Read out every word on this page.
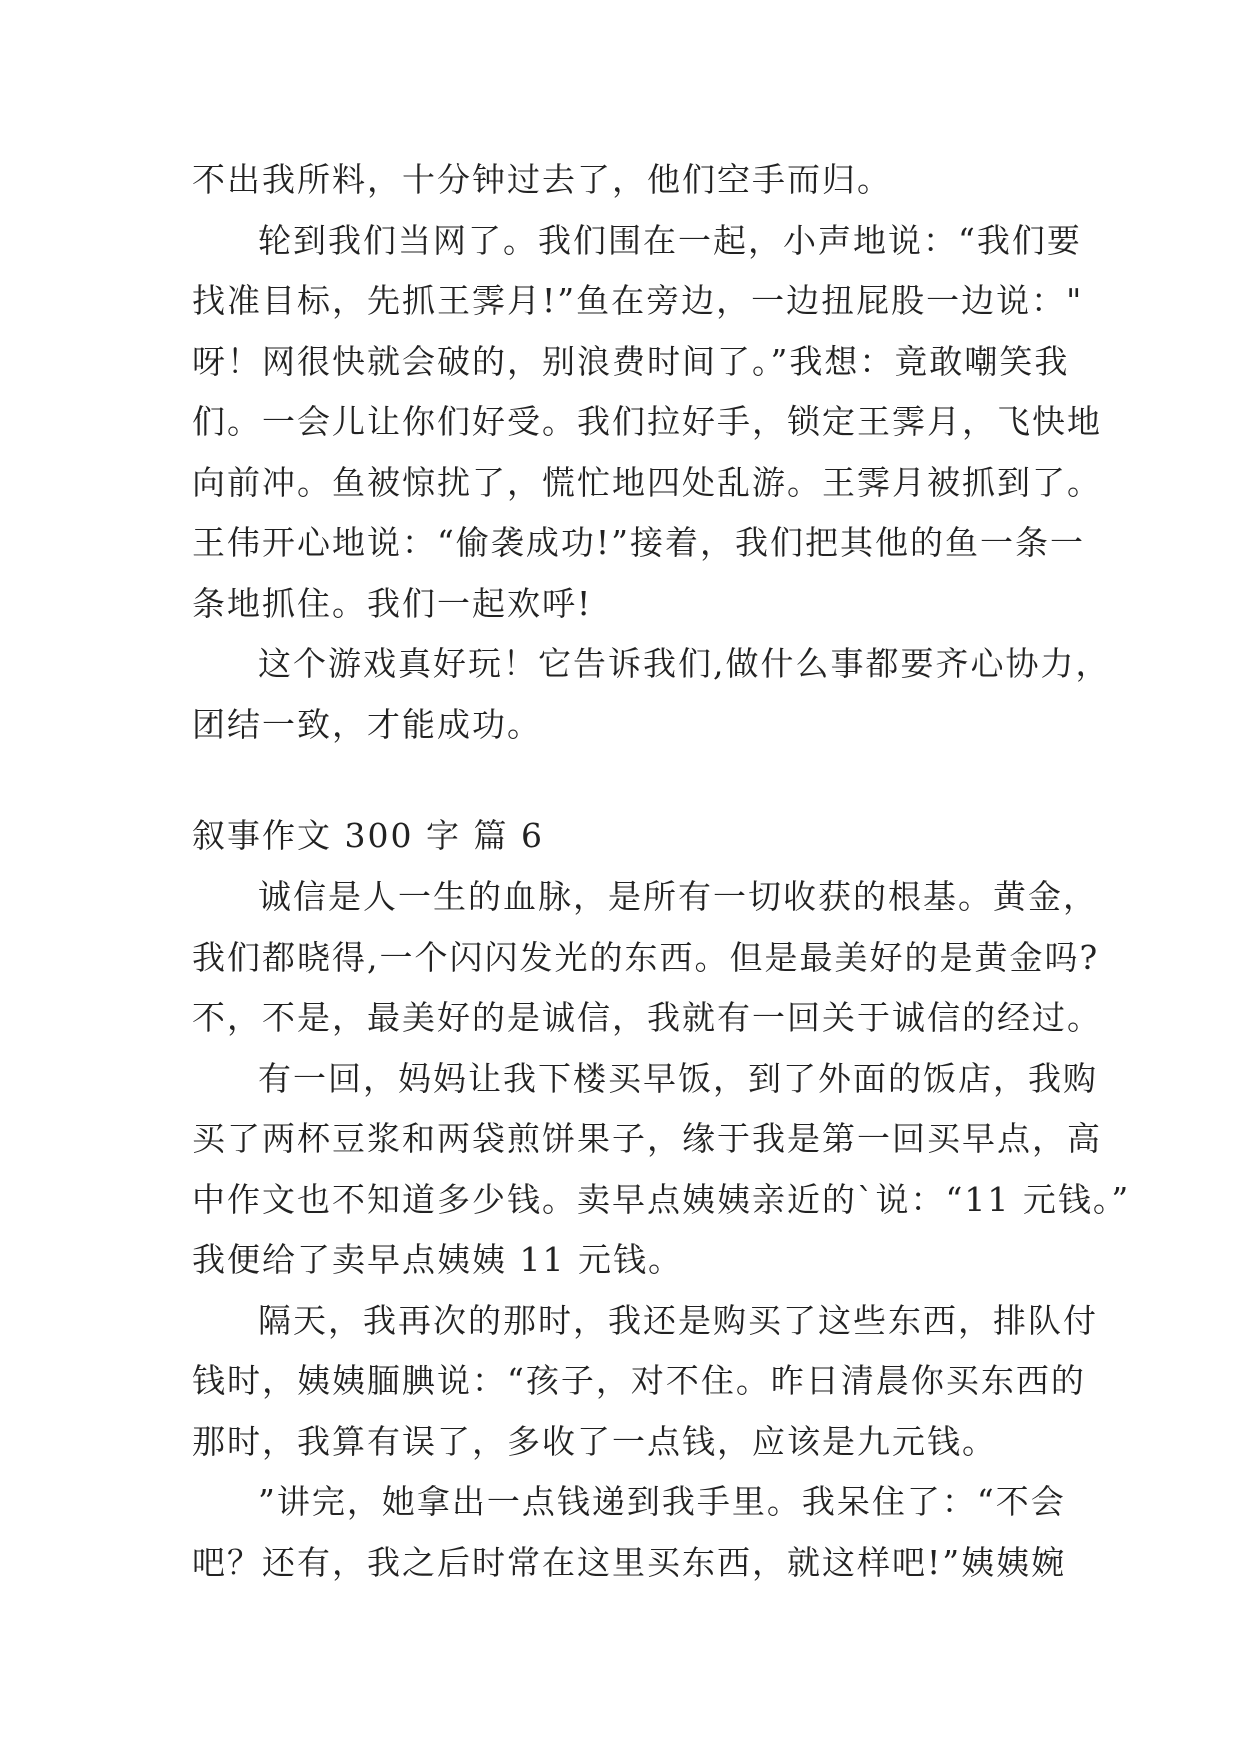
不出我所料，十分钟过去了，他们空手而归。
轮到我们当网了。我们围在一起，小声地说：“我们要
找准目标，先抓王霁月!”鱼在旁边，一边扭屁股一边说："
呀！网很快就会破的，别浪费时间了。”我想：竟敢嘲笑我
们。一会儿让你们好受。我们拉好手，锁定王霁月，飞快地
向前冲。鱼被惊扰了，慌忙地四处乱游。王霁月被抓到了。
王伟开心地说：“偷袭成功!”接着，我们把其他的鱼一条一
条地抓住。我们一起欢呼!
这个游戏真好玩！它告诉我们,做什么事都要齐心协力，
团结一致，才能成功。
叙事作文 300 字 篇 6
诚信是人一生的血脉，是所有一切收获的根基。黄金，
我们都晓得,一个闪闪发光的东西。但是最美好的是黄金吗?
不，不是，最美好的是诚信，我就有一回关于诚信的经过。
有一回，妈妈让我下楼买早饭，到了外面的饭店，我购
买了两杯豆浆和两袋煎饼果子，缘于我是第一回买早点，高
中作文也不知道多少钱。卖早点姨姨亲近的`说：“11 元钱。”
我便给了卖早点姨姨 11 元钱。
隔天，我再次的那时，我还是购买了这些东西，排队付
钱时，姨姨腼腆说：“孩子，对不住。昨日清晨你买东西的
那时，我算有误了，多收了一点钱，应该是九元钱。
”讲完，她拿出一点钱递到我手里。我呆住了：“不会
吧？还有，我之后时常在这里买东西，就这样吧!”姨姨婉
